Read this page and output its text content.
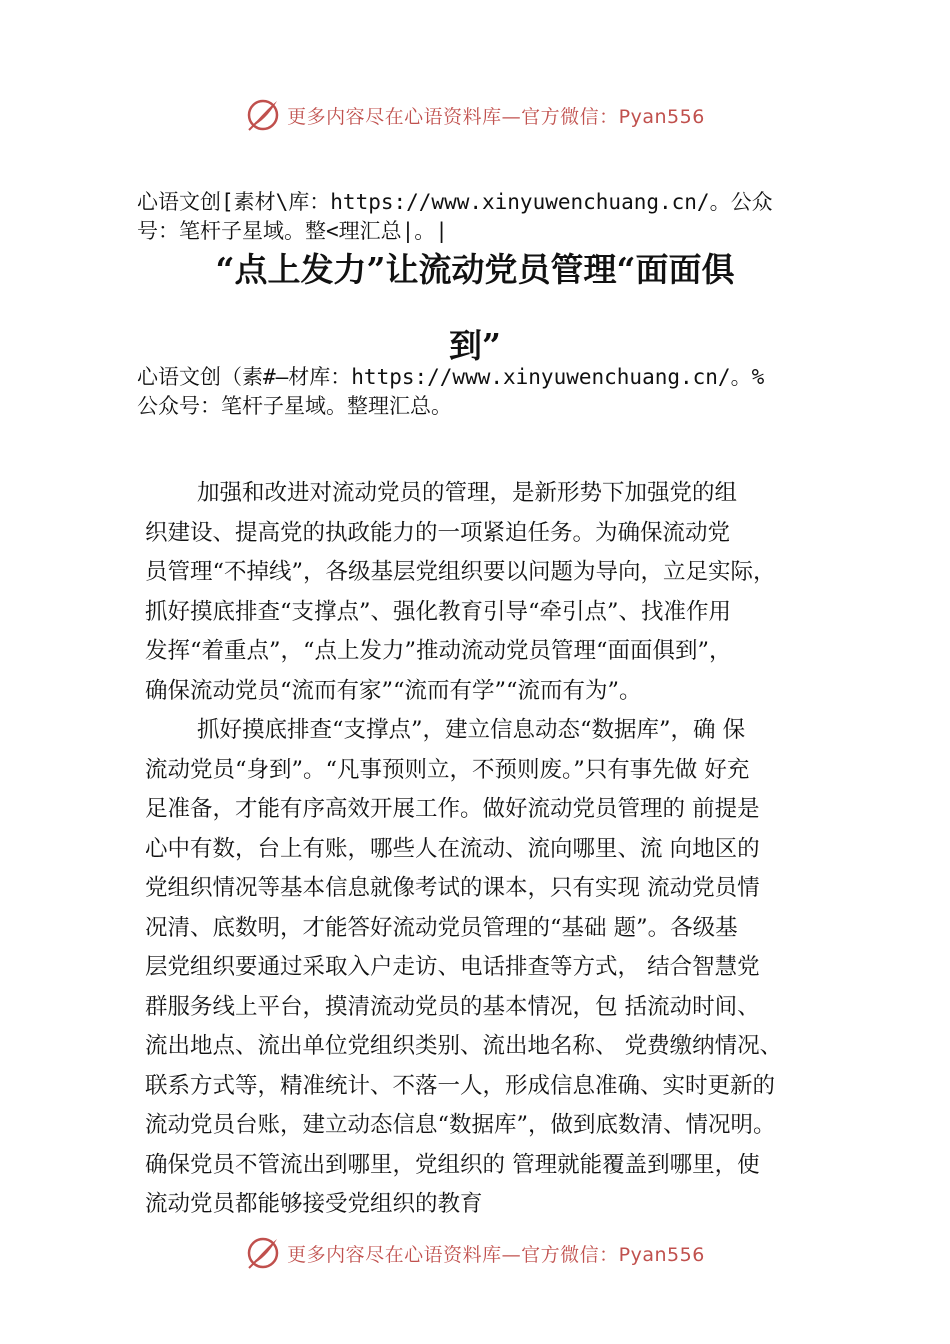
更多内容尽在心语资料库—官方微信：Pyan556
心语文创[素材\库：https://www.xinyuwenchuang.cn/。公众
号：笔杆子星域。整<理汇总|。|
“点上发力”让流动党员管理“面面俱
到”
心语文创（素#—材库：https://www.xinyuwenchuang.cn/。%
公众号：笔杆子星域。整理汇总。
加强和改进对流动党员的管理，是新形势下加强党的组
织建设、提高党的执政能力的一项紧迫任务。为确保流动党
员管理“不掉线”，各级基层党组织要以问题为导向，立足实际，
抓好摸底排查“支撑点”、强化教育引导“牵引点”、找准作用
发挥“着重点”，“点上发力”推动流动党员管理“面面俱到”，
确保流动党员“流而有家”“流而有学”“流而有为”。
抓好摸底排查“支撑点”，建立信息动态“数据库”，确 保
流动党员“身到”。“凡事预则立，不预则废。”只有事先做 好充
足准备，才能有序高效开展工作。做好流动党员管理的 前提是
心中有数，台上有账，哪些人在流动、流向哪里、流 向地区的
党组织情况等基本信息就像考试的课本，只有实现 流动党员情
况清、底数明，才能答好流动党员管理的“基础 题”。各级基
层党组织要通过采取入户走访、电话排查等方式， 结合智慧党
群服务线上平台，摸清流动党员的基本情况，包 括流动时间、
流出地点、流出单位党组织类别、流出地名称、 党费缴纳情况、
联系方式等，精准统计、不落一人，形成信息准确、实时更新的
流动党员台账，建立动态信息“数据库”，做到底数清、情况明。
确保党员不管流出到哪里，党组织的 管理就能覆盖到哪里，使
流动党员都能够接受党组织的教育
更多内容尽在心语资料库—官方微信：Pyan556
